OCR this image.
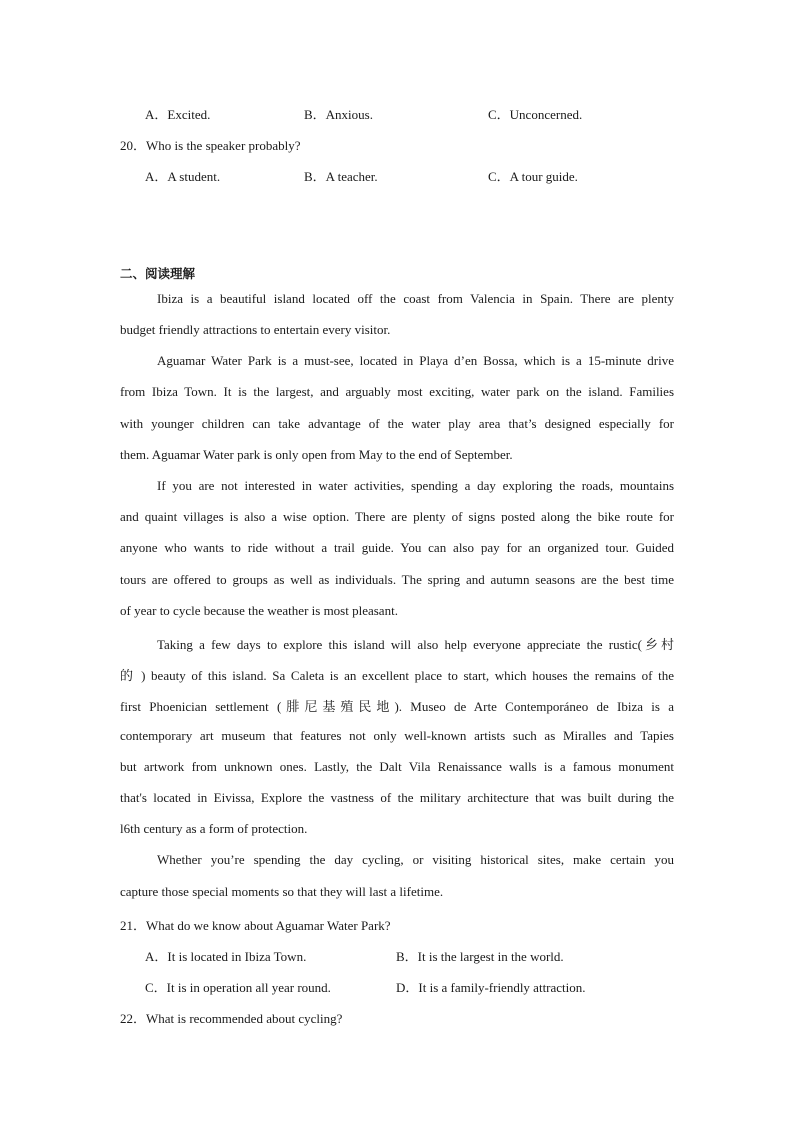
A．Excited.	B．Anxious.	C．Unconcerned.
20．Who is the speaker probably?
A．A student.	B．A teacher.	C．A tour guide.
二、阅读理解
Ibiza is a beautiful island located off the coast from Valencia in Spain. There are plenty
budget friendly attractions to entertain every visitor.
Aguamar Water Park is a must-see, located in Playa d’en Bossa, which is a 15-minute drive
from Ibiza Town. It is the largest, and arguably most exciting, water park on the island. Families
with younger children can take advantage of the water play area that’s designed especially for
them. Aguamar Water park is only open from May to the end of September.
If you are not interested in water activities, spending a day exploring the roads, mountains
and quaint villages is also a wise option. There are plenty of signs posted along the bike route for
anyone who wants to ride without a trail guide. You can also pay for an organized tour. Guided
tours are offered to groups as well as individuals. The spring and autumn seasons are the best time
of year to cycle because the weather is most pleasant.
Taking a few days to explore this island will also help everyone appreciate the rustic(乡村
的 ) beauty of this island. Sa Caleta is an excellent place to start, which houses the remains of the
first Phoenician settlement (腓尼基殖民地). Museo de Arte Contemporáneo de Ibiza is a
contemporary art museum that features not only well-known artists such as Miralles and Tapies
but artwork from unknown ones. Lastly, the Dalt Vila Renaissance walls is a famous monument
that's located in Eivissa, Explore the vastness of the military architecture that was built during the
l6th century as a form of protection.
Whether you’re spending the day cycling, or visiting historical sites, make certain you
capture those special moments so that they will last a lifetime.
21．What do we know about Aguamar Water Park?
A．It is located in Ibiza Town.	B．It is the largest in the world.
C．It is in operation all year round.	D．It is a family-friendly attraction.
22．What is recommended about cycling?
